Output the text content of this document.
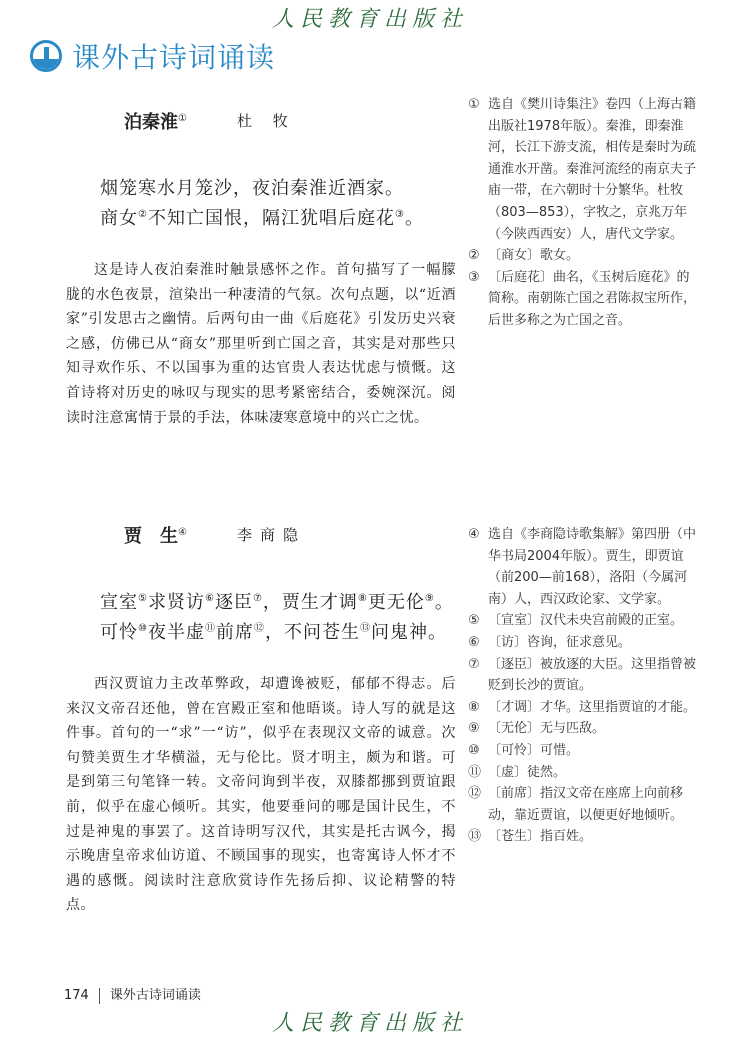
人民教育出版社
课外古诗词诵读
泊秦淮①	杜 牧
烟笼寒水月笼沙，夜泊秦淮近酒家。
商女②不知亡国恨，隔江犹唱后庭花③。
这是诗人夜泊秦淮时触景感怀之作。首句描写了一幅朦胧的水色夜景，渲染出一种凄清的气氛。次句点题，以“近酒家”引发思古之幽情。后两句由一曲《后庭花》引发历史兴衰之感，仿佛已从“商女”那里听到亡国之音，其实是对那些只知寻欢作乐、不以国事为重的达官贵人表达忧虑与愤慨。这首诗将对历史的咏叹与现实的思考紧密结合，委婉深沉。阅读时注意寓情于景的手法，体味凄寒意境中的兴亡之忧。
① 选自《樊川诗集注》卷四（上海古籍出版社1978年版）。秦淮，即秦淮河，长江下游支流，相传是秦时为疏通淮水开凿。秦淮河流经的南京夫子庙一带，在六朝时十分繁华。杜牧（803—853），字牧之，京兆万年（今陕西西安）人，唐代文学家。
② 〔商女〕歌女。
③ 〔后庭花〕曲名，《玉树后庭花》的简称。南朝陈亡国之君陈叔宝所作，后世多称之为亡国之音。
贾　生④	李商隐
宣室⑤求贤访⑥逐臣⑦，贾生才调⑧更无伦⑨。
可怜⑩夜半虚⑪前席⑫，不问苍生⑬问鬼神。
西汉贾谊力主改革弊政，却遭谗被贬，郁郁不得志。后来汉文帝召还他，曾在宫殿正室和他晤谈。诗人写的就是这件事。首句的一“求”一“访”，似乎在表现汉文帝的诚意。次句赞美贾生才华横溢，无与伦比。贤才明主，颇为和谐。可是到第三句笔锋一转。文帝问询到半夜，双膝都挪到贾谊跟前，似乎在虚心倾听。其实，他要垂问的哪是国计民生，不过是神鬼的事罢了。这首诗明写汉代，其实是托古讽今，揭示晚唐皇帝求仙访道、不顾国事的现实，也寄寓诗人怀才不遇的感慨。阅读时注意欣赏诗作先扬后抑、议论精警的特点。
④ 选自《李商隐诗歌集解》第四册（中华书局2004年版）。贾生，即贾谊（前200—前168），洛阳（今属河南）人，西汉政论家、文学家。
⑤ 〔宣室〕汉代未央宫前殿的正室。
⑥ 〔访〕咨询，征求意见。
⑦ 〔逐臣〕被放逐的大臣。这里指曾被贬到长沙的贾谊。
⑧ 〔才调〕才华。这里指贾谊的才能。
⑨ 〔无伦〕无与匹敌。
⑩ 〔可怜〕可惜。
⑪ 〔虚〕徒然。
⑫ 〔前席〕指汉文帝在座席上向前移动，靠近贾谊，以便更好地倾听。
⑬ 〔苍生〕指百姓。
174 课外古诗词诵读
人民教育出版社
